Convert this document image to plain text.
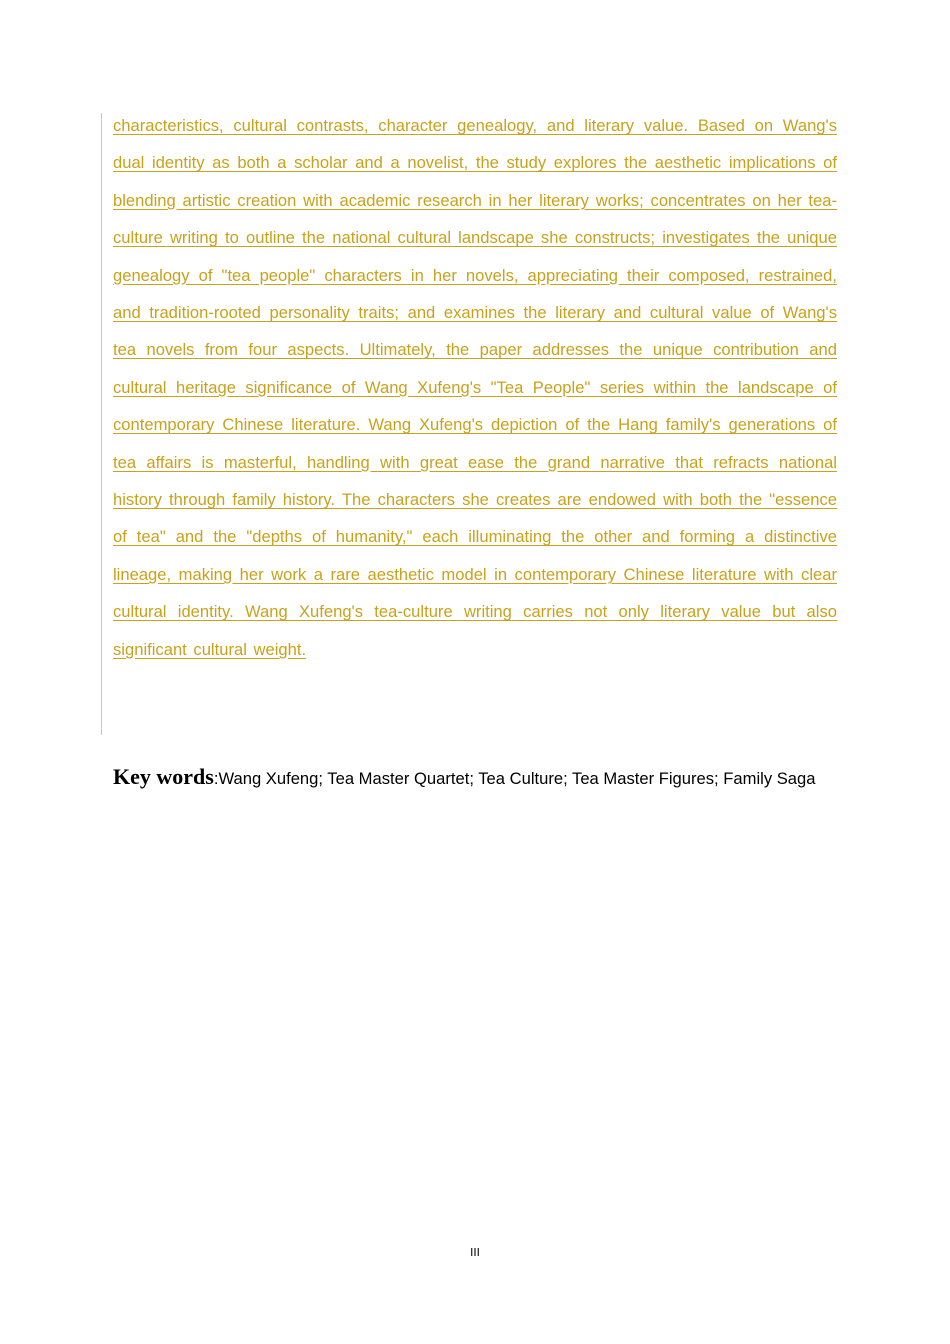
characteristics, cultural contrasts, character genealogy, and literary value. Based on Wang's dual identity as both a scholar and a novelist, the study explores the aesthetic implications of blending artistic creation with academic research in her literary works; concentrates on her tea-culture writing to outline the national cultural landscape she constructs; investigates the unique genealogy of "tea people" characters in her novels, appreciating their composed, restrained, and tradition-rooted personality traits; and examines the literary and cultural value of Wang's tea novels from four aspects. Ultimately, the paper addresses the unique contribution and cultural heritage significance of Wang Xufeng's "Tea People" series within the landscape of contemporary Chinese literature. Wang Xufeng's depiction of the Hang family's generations of tea affairs is masterful, handling with great ease the grand narrative that refracts national history through family history. The characters she creates are endowed with both the "essence of tea" and the "depths of humanity," each illuminating the other and forming a distinctive lineage, making her work a rare aesthetic model in contemporary Chinese literature with clear cultural identity. Wang Xufeng's tea-culture writing carries not only literary value but also significant cultural weight.

Key words:Wang Xufeng; Tea Master Quartet; Tea Culture; Tea Master Figures; Family Saga

III
